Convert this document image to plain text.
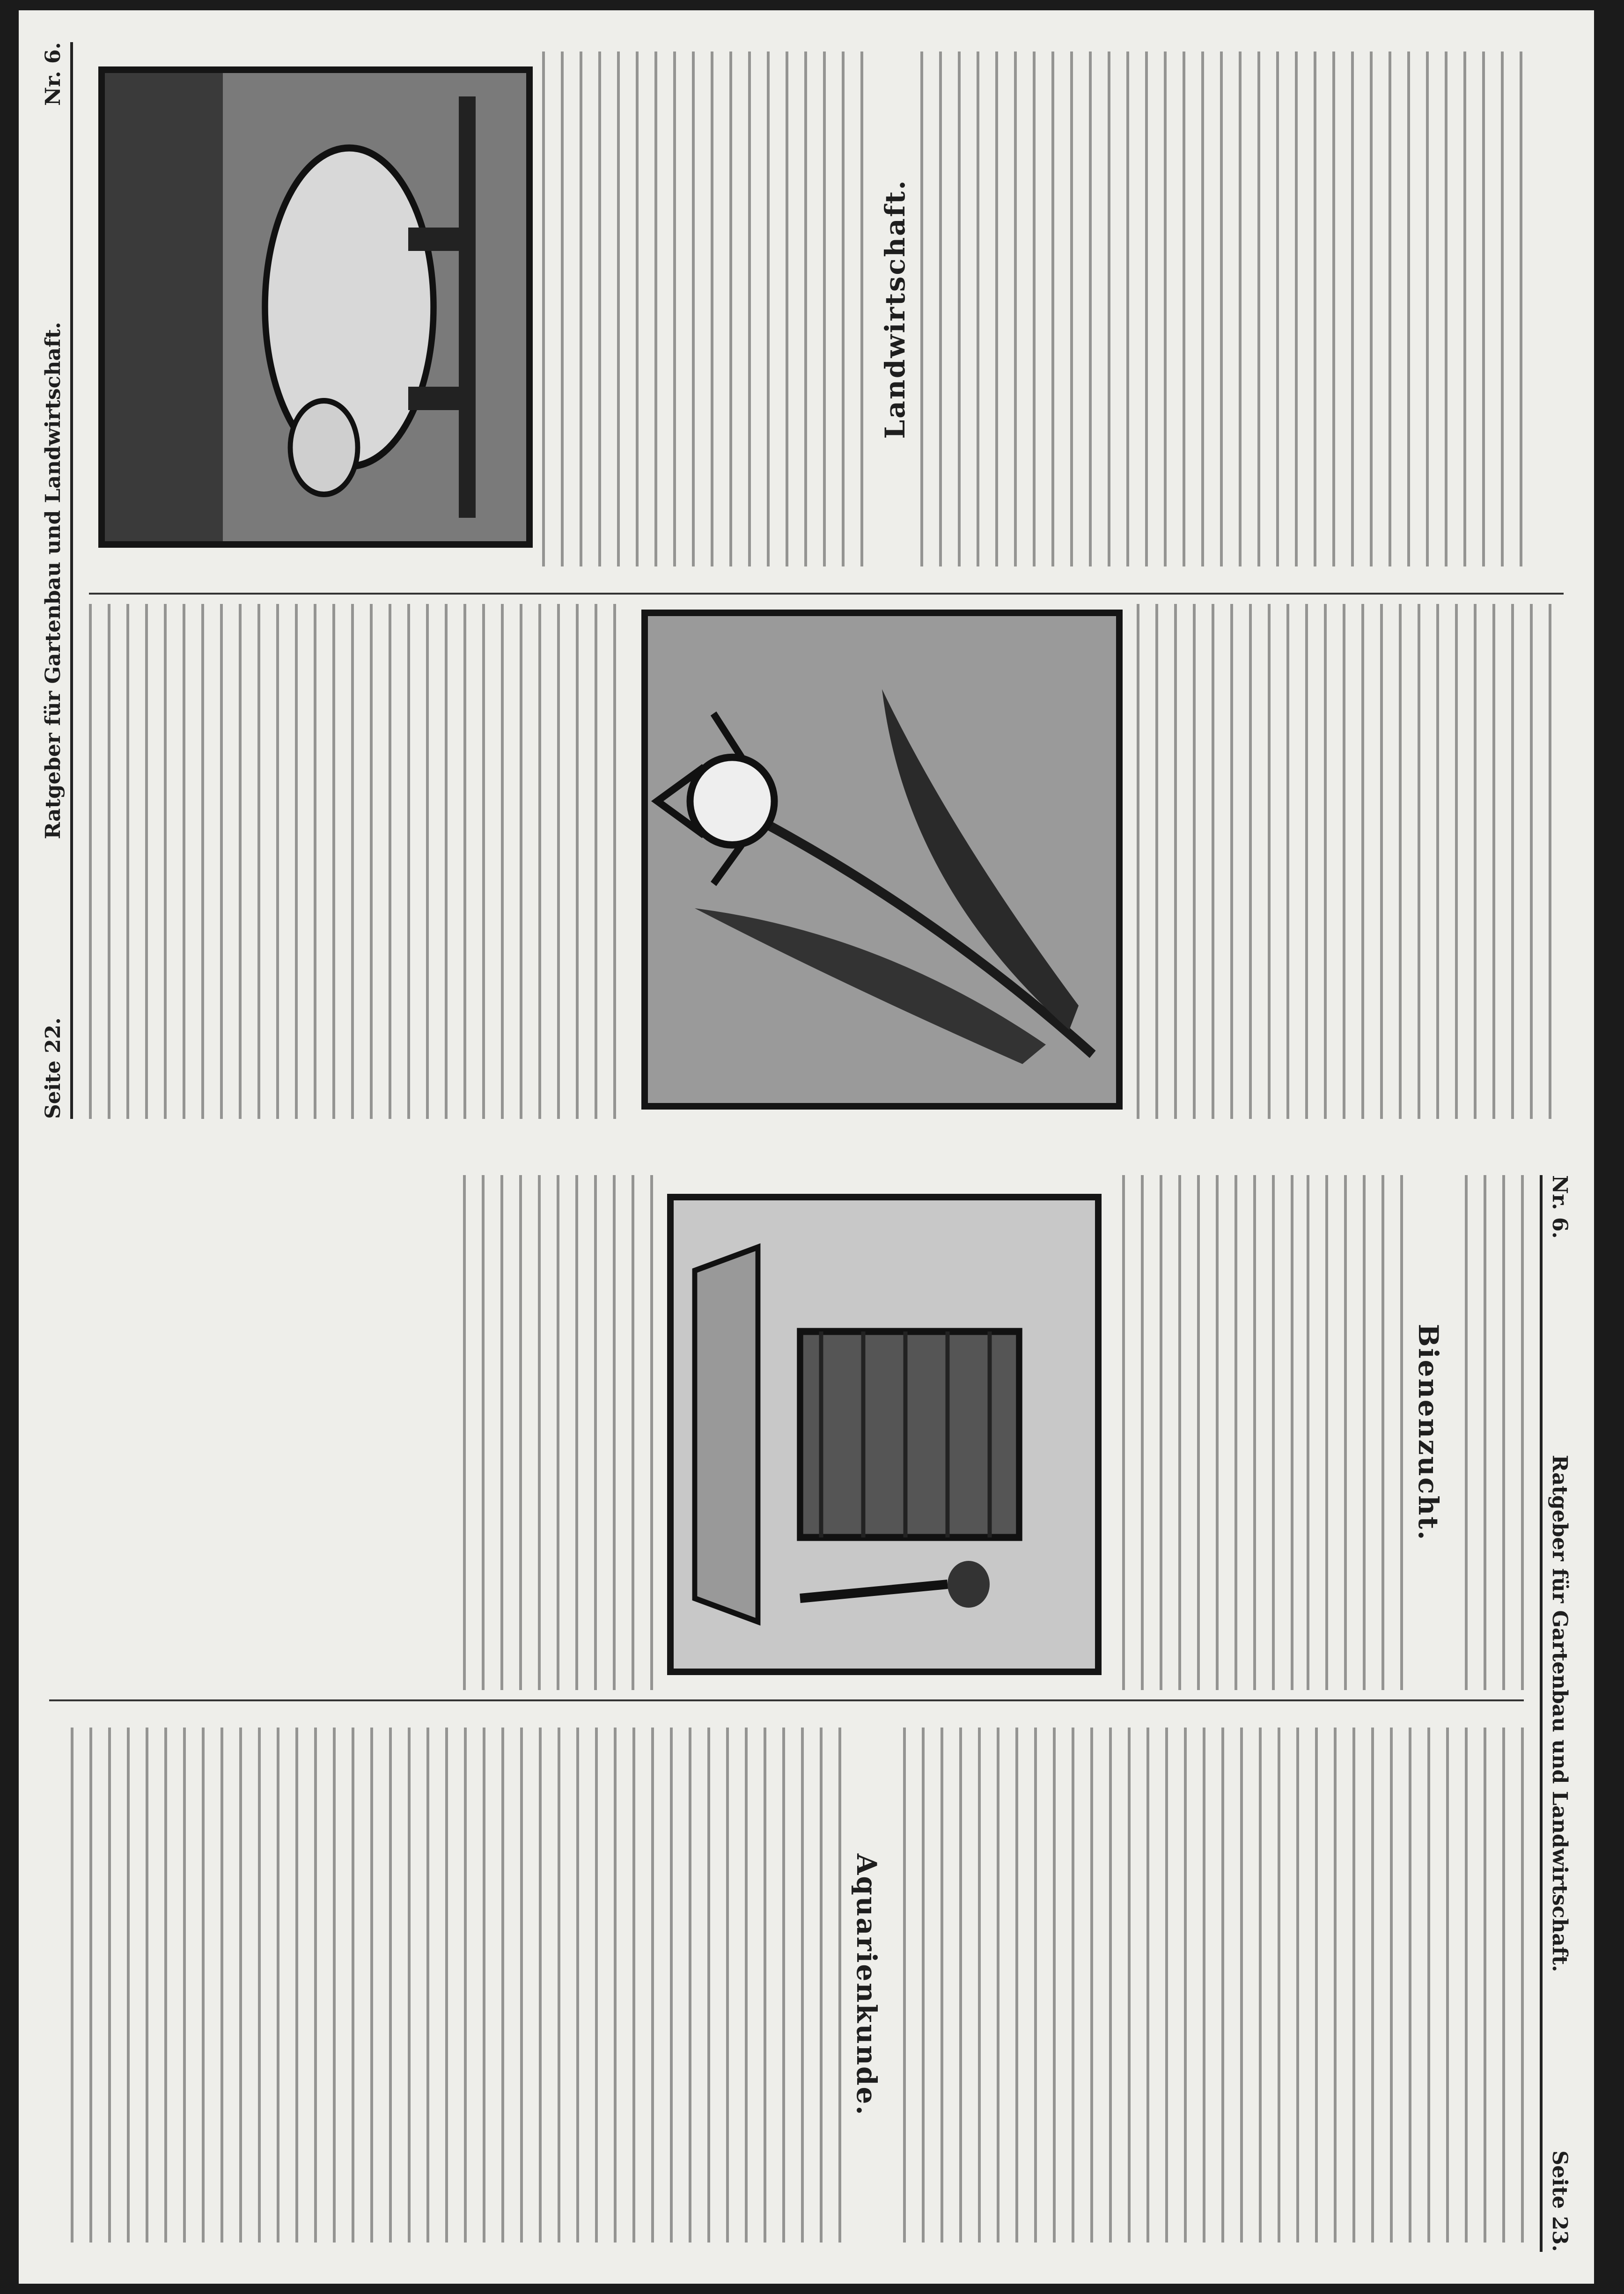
Seite 22.
Ratgeber für Gartenbau und Landwirtschaft.
Nr. 6.
Landwirtschaft.
Nr. 6.
Ratgeber für Gartenbau und Landwirtschaft.
Seite 23.
Bienenzucht.
Aquarienkunde.
